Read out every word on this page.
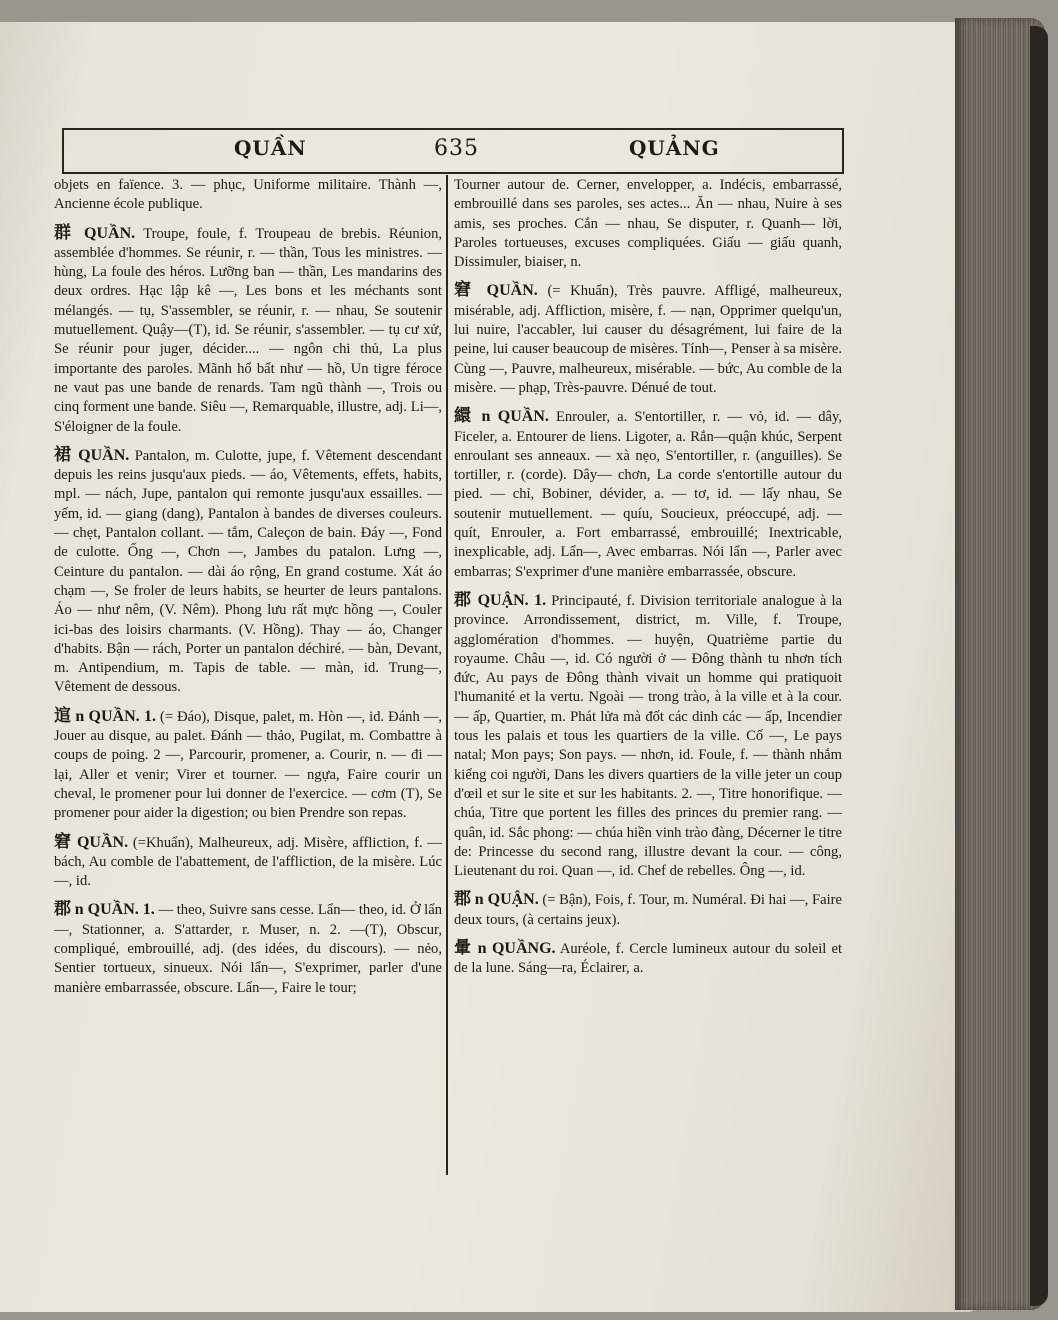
QUẦN	635	QUẢNG

objets en faïence. 3. — phục, Uniforme militaire. Thành —, Ancienne école publique.

群 QUẦN. Troupe, foule, f. Troupeau de brebis. Réunion, assemblée d'hommes. Se réunir, r. — thần, Tous les ministres. — hùng, La foule des héros. Lưỡng ban — thần, Les mandarins des deux ordres. Hạc lập kê —, Les bons et les méchants sont mélangés. — tụ, S'assembler, se réunir, r. — nhau, Se soutenir mutuellement. Quậy—(T), id. Se réunir, s'assembler. — tụ cư xử, Se réunir pour juger, décider.... — ngôn chi thủ, La plus importante des paroles. Mãnh hổ bất như — hồ, Un tigre féroce ne vaut pas une bande de renards. Tam ngũ thành —, Trois ou cinq forment une bande. Siêu —, Remarquable, illustre, adj. Li—, S'éloigner de la foule.

裙 QUẦN. Pantalon, m. Culotte, jupe, f. Vêtement descendant depuis les reins jusqu'aux pieds. — áo, Vêtements, effets, habits, mpl. — nách, Jupe, pantalon qui remonte jusqu'aux essailles. — yếm, id. — giang (dang), Pantalon à bandes de diverses couleurs. — chẹt, Pantalon collant. — tắm, Caleçon de bain. Đáy —, Fond de culotte. Ống —, Chơn —, Jambes du patalon. Lưng —, Ceinture du pantalon. — dài áo rộng, En grand costume. Xát áo chạm —, Se froler de leurs habits, se heurter de leurs pantalons. Áo — như nêm, (V. Nêm). Phong lưu rất mực hồng —, Couler ici-bas des loisirs charmants. (V. Hồng). Thay — áo, Changer d'habits. Bận — rách, Porter un pantalon déchiré. — bàn, Devant, m. Antipendium, m. Tapis de table. — màn, id. Trung—, Vêtement de dessous.

逭 n QUẦN. 1. (= Đáo), Disque, palet, m. Hòn —, id. Đánh —, Jouer au disque, au palet. Đánh — thảo, Pugilat, m. Combattre à coups de poing. 2 —, Parcourir, promener, a. Courir, n. — đi — lại, Aller et venir; Virer et tourner. — ngựa, Faire courir un cheval, le promener pour lui donner de l'exercice. — cơm (T), Se promener pour aider la digestion; ou bien Prendre son repas.

窘 QUẦN. (=Khuẩn), Malheureux, adj. Misère, affliction, f. — bách, Au comble de l'abattement, de l'affliction, de la misère. Lúc—, id.

郡 n QUẦN. 1. — theo, Suivre sans cesse. Lẩn— theo, id. Ở lẩn —, Stationner, a. S'attarder, r. Muser, n. 2. —(T), Obscur, compliqué, embrouillé, adj. (des idées, du discours). — nẻo, Sentier tortueux, sinueux. Nói lẩn—, S'exprimer, parler d'une manière embarrassée, obscure. Lẩn—, Faire le tour;

Tourner autour de. Cerner, envelopper, a. Indécis, embarrassé, embrouillé dans ses paroles, ses actes... Ăn — nhau, Nuire à ses amis, ses proches. Cắn — nhau, Se disputer, r. Quanh— lời, Paroles tortueuses, excuses compliquées. Giấu — giấu quanh, Dissimuler, biaiser, n.

窘 QUẦN. (= Khuẩn), Très pauvre. Affligé, malheureux, misérable, adj. Affliction, misère, f. — nạn, Opprimer quelqu'un, lui nuire, l'accabler, lui causer du désagrément, lui faire de la peine, lui causer beaucoup de misères. Tính—, Penser à sa misère. Cùng —, Pauvre, malheureux, misérable. — bức, Au comble de la misère. — phạp, Très-pauvre. Dénué de tout.

繯 n QUẦN. Enrouler, a. S'entortiller, r. — vỏ, id. — dây, Ficeler, a. Entourer de liens. Ligoter, a. Rắn—quận khúc, Serpent enroulant ses anneaux. — xà nẹo, S'entortiller, r. (anguilles). Se tortiller, r. (corde). Dây— chơn, La corde s'entortille autour du pied. — chỉ, Bobiner, dévider, a. — tơ, id. — lấy nhau, Se soutenir mutuellement. — quíu, Soucieux, préoccupé, adj. — quít, Enrouler, a. Fort embarrassé, embrouillé; Inextricable, inexplicable, adj. Lẩn—, Avec embarras. Nói lẩn —, Parler avec embarras; S'exprimer d'une manière embarrassée, obscure.

郡 QUẬN. 1. Principauté, f. Division territoriale analogue à la province. Arrondissement, district, m. Ville, f. Troupe, agglomération d'hommes. — huyện, Quatrième partie du royaume. Châu —, id. Có người ở — Đông thành tu nhơn tích đức, Au pays de Đông thành vivait un homme qui pratiquoit l'humanité et la vertu. Ngoài — trong trào, à la ville et à la cour. — ấp, Quartier, m. Phát lửa mà đốt các dinh các — ấp, Incendier tous les palais et tous les quartiers de la ville. Cố —, Le pays natal; Mon pays; Son pays. — nhơn, id. Foule, f. — thành nhắm kiểng coi người, Dans les divers quartiers de la ville jeter un coup d'œil et sur le site et sur les habitants. 2. —, Titre honorifique. — chúa, Titre que portent les filles des princes du premier rang. — quân, id. Sắc phong: — chúa hiền vinh trào đàng, Décerner le titre de: Princesse du second rang, illustre devant la cour. — công, Lieutenant du roi. Quan —, id. Chef de rebelles. Ông —, id.

郡 n QUẬN. (= Bận), Fois, f. Tour, m. Numéral. Đi hai —, Faire deux tours, (à certains jeux).

暈 n QUẦNG. Auréole, f. Cercle lumineux autour du soleil et de la lune. Sáng—ra, Éclairer, a.
